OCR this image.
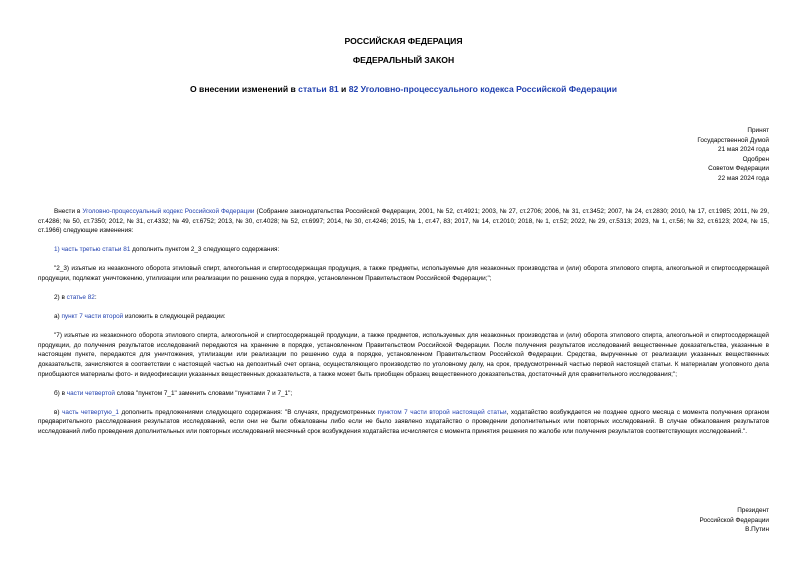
РОССИЙСКАЯ ФЕДЕРАЦИЯ
ФЕДЕРАЛЬНЫЙ ЗАКОН
О внесении изменений в статьи 81 и 82 Уголовно-процессуального кодекса Российской Федерации
Принят
Государственной Думой
21 мая 2024 года
Одобрен
Советом Федерации
22 мая 2024 года

Внести в Уголовно-процессуальный кодекс Российской Федерации (Собрание законодательства Российской Федерации, 2001, № 52, ст.4921; 2003, № 27, ст.2706; 2006, № 31, ст.3452; 2007, № 24, ст.2830; 2010, № 17, ст.1985; 2011, № 29, ст.4286; № 50, ст.7350; 2012, № 31, ст.4332; № 49, ст.6752; 2013, № 30, ст.4028; № 52, ст.6997; 2014, № 30, ст.4246; 2015, № 1, ст.47, 83; 2017, № 14, ст.2010; 2018, № 1, ст.52; 2022, № 29, ст.5313; 2023, № 1, ст.56; № 32, ст.6123; 2024, № 15, ст.1966) следующие изменения:

1) часть третью статьи 81 дополнить пунктом 2_3 следующего содержания:

"2_3) изъятые из незаконного оборота этиловый спирт, алкогольная и спиртосодержащая продукция, а также предметы, используемые для незаконных производства и (или) оборота этилового спирта, алкогольной и спиртосодержащей продукции, подлежат уничтожению, утилизации или реализации по решению суда в порядке, установленном Правительством Российской Федерации;";

2) в статье 82:

а) пункт 7 части второй изложить в следующей редакции:

"7) изъятые из незаконного оборота этилового спирта, алкогольной и спиртосодержащей продукции, а также предметов, используемых для незаконных производства и (или) оборота этилового спирта, алкогольной и спиртосодержащей продукции, до получения результатов исследований передаются на хранение в порядке, установленном Правительством Российской Федерации. После получения результатов исследований вещественные доказательства, указанные в настоящем пункте, передаются для уничтожения, утилизации или реализации по решению суда в порядке, установленном Правительством Российской Федерации. Средства, вырученные от реализации указанных вещественных доказательств, зачисляются в соответствии с настоящей частью на депозитный счет органа, осуществляющего производство по уголовному делу, на срок, предусмотренный частью первой настоящей статьи. К материалам уголовного дела приобщаются материалы фото- и видеофиксации указанных вещественных доказательств, а также может быть приобщен образец вещественного доказательства, достаточный для сравнительного исследования;";

б) в части четвертой слова "пунктом 7_1" заменить словами "пунктами 7 и 7_1";

в) часть четвертую_1 дополнить предложениями следующего содержания: "В случаях, предусмотренных пунктом 7 части второй настоящей статьи, ходатайство возбуждается не позднее одного месяца с момента получения органом предварительного расследования результатов исследований, если они не были обжалованы либо если не было заявлено ходатайство о проведении дополнительных или повторных исследований. В случае обжалования результатов исследований либо проведения дополнительных или повторных исследований месячный срок возбуждения ходатайства исчисляется с момента принятия решения по жалобе или получения результатов соответствующих исследований.".

Президент
Российской Федерации
В.Путин
